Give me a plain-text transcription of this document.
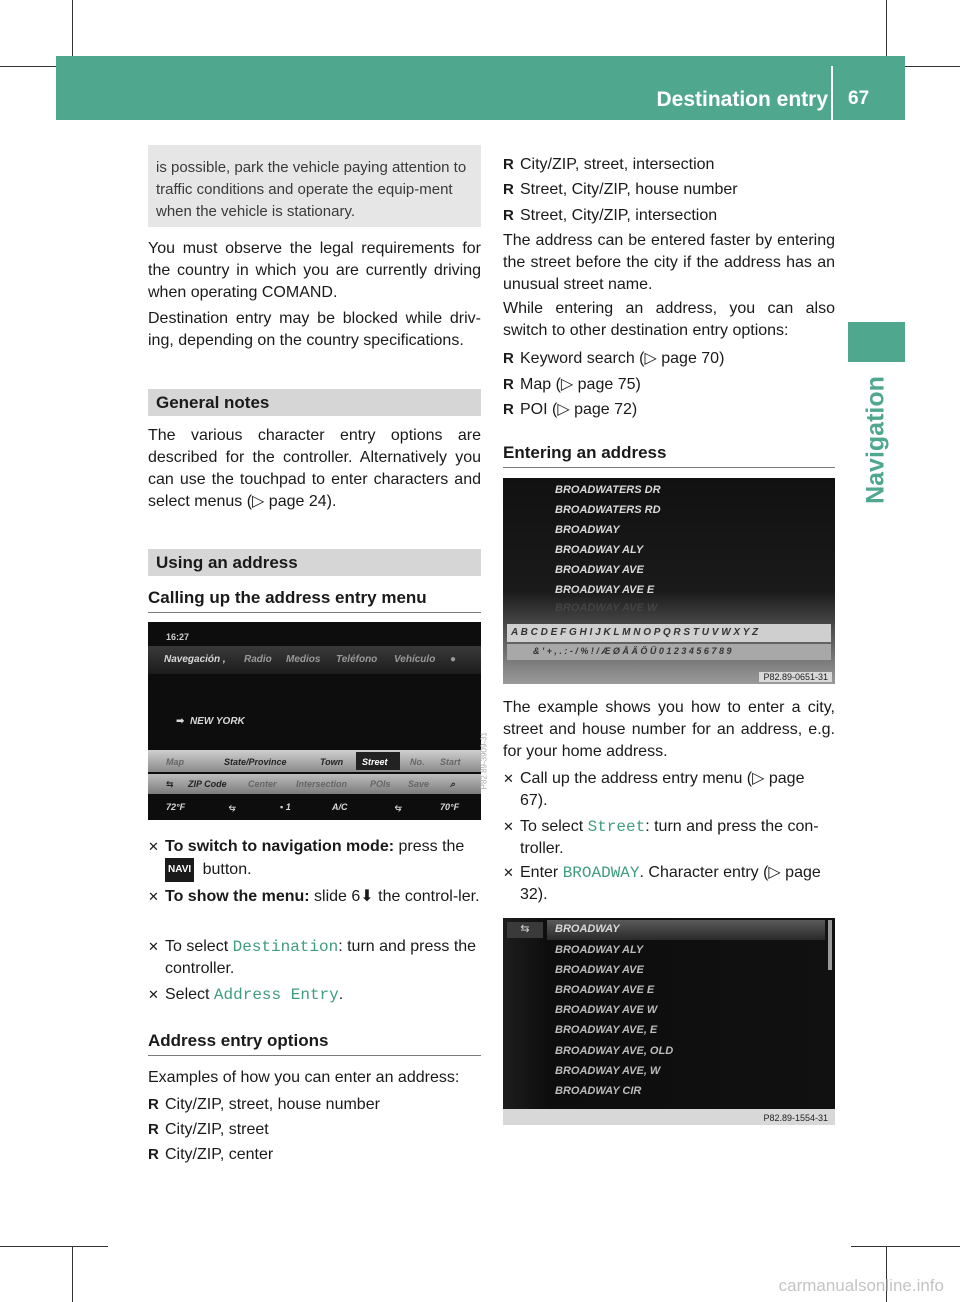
Destination entry 67
Navigation
is possible, park the vehicle paying attention to traffic conditions and operate the equip-ment when the vehicle is stationary.
You must observe the legal requirements for the country in which you are currently driving when operating COMAND.
Destination entry may be blocked while driv-ing, depending on the country specifications.
General notes
The various character entry options are described for the controller. Alternatively you can use the touchpad to enter characters and select menus (▷ page 24).
Using an address
Calling up the address entry menu
16:27
Navegación , Radio Medios Teléfono Vehículo ●
➡  NEW YORK
Map	State/Province	Town Street No. Start
⇆ ZIP Code Center Intersection	POIs Save ⌕
72°F	⥃	▪ 1	A/C	⥃	70°F
P82.89-3909-31
✕ To switch to navigation mode: press the
NAVI button.
✕ To show the menu: slide 6⬇ the control-ler.
✕ To select Destination: turn and press the controller.
✕ Select Address Entry.
Address entry options
Examples of how you can enter an address:
R City/ZIP, street, house number
R City/ZIP, street
R City/ZIP, center
R City/ZIP, street, intersection
R Street, City/ZIP, house number
R Street, City/ZIP, intersection
The address can be entered faster by entering the street before the city if the address has an unusual street name.
While entering an address, you can also switch to other destination entry options:
R Keyword search (▷ page 70)
R Map (▷ page 75)
R POI (▷ page 72)
Entering an address
BROADWATERS DR
BROADWATERS RD
BROADWAY
BROADWAY ALY
BROADWAY AVE
BROADWAY AVE E
BROADWAY AVE W
A B C D E F G H I J K L M N O P Q R S T U V W X Y Z
& ' + , . : - / % ! / Æ Ø Å Ä Ö Ü 0 1 2 3 4 5 6 7 8 9
P82.89-0651-31
The example shows you how to enter a city, street and house number for an address, e.g. for your home address.
✕ Call up the address entry menu (▷ page 67).
✕ To select Street: turn and press the con-troller.
✕ Enter BROADWAY. Character entry (▷ page 32).
⇆	BROADWAY
BROADWAY ALY
BROADWAY AVE
BROADWAY AVE E
BROADWAY AVE W
BROADWAY AVE, E
BROADWAY AVE, OLD
BROADWAY AVE, W
BROADWAY CIR
P82.89-1554-31
carmanualsonline.info
